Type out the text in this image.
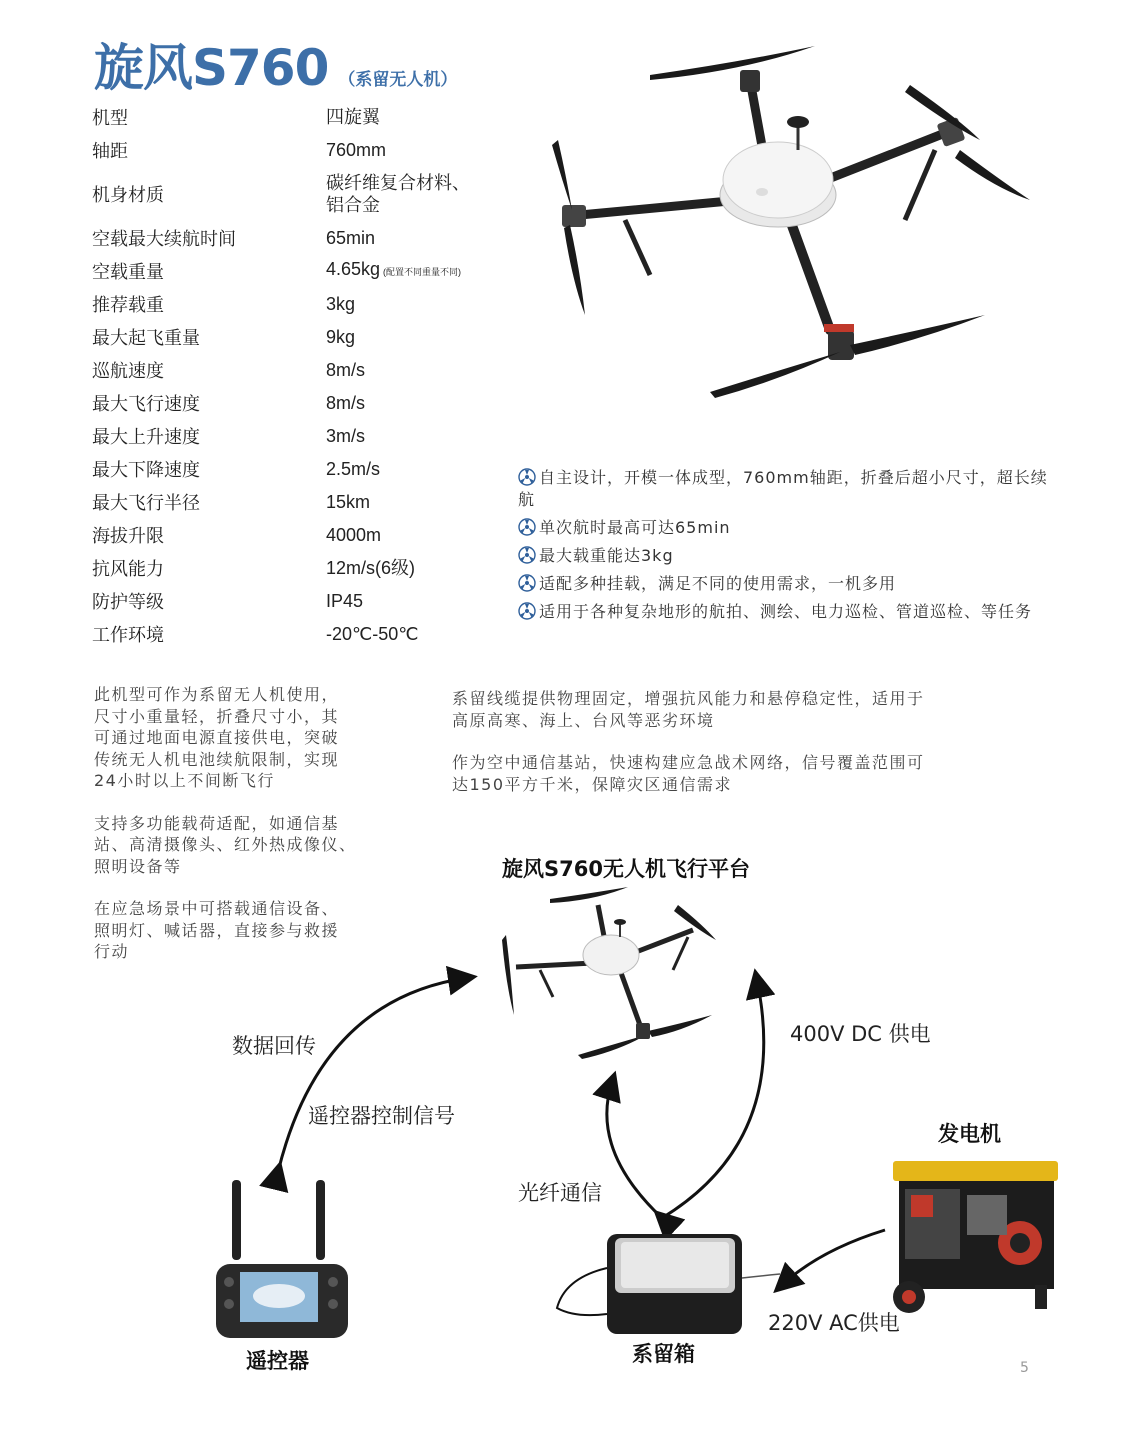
旋风S760 （系留无人机）
机型	四旋翼
轴距	760mm
机身材质
碳纤维复合材料、
铝合金
空载最大续航时间	65min
空载重量	4.65kg (配置不同重量不同)
推荐载重	3kg
最大起飞重量	9kg
巡航速度	8m/s
最大飞行速度	8m/s
最大上升速度	3m/s
最大下降速度	2.5m/s
最大飞行半径	15km
海拔升限	4000m
抗风能力	12m/s(6级)
防护等级	IP45
工作环境	-20℃-50℃
自主设计，开模一体成型，760mm轴距，折叠后超小尺寸，超长续航
单次航时最高可达65min
最大载重能达3kg
适配多种挂载，满足不同的使用需求，一机多用
适用于各种复杂地形的航拍、测绘、电力巡检、管道巡检、等任务
此机型可作为系留无人机使用，
尺寸小重量轻，折叠尺寸小，其
可通过地面电源直接供电，突破
传统无人机电池续航限制，实现
24小时以上不间断飞行
支持多功能载荷适配，如通信基
站、高清摄像头、红外热成像仪、
照明设备等
在应急场景中可搭载通信设备、
照明灯、喊话器，直接参与救援
行动
系留线缆提供物理固定，增强抗风能力和悬停稳定性，适用于
高原高寒、海上、台风等恶劣环境
作为空中通信基站，快速构建应急战术网络，信号覆盖范围可
达150平方千米，保障灾区通信需求
旋风S760无人机飞行平台
数据回传
遥控器控制信号
400V DC 供电
光纤通信
发电机
220V AC供电
遥控器	系留箱
5
